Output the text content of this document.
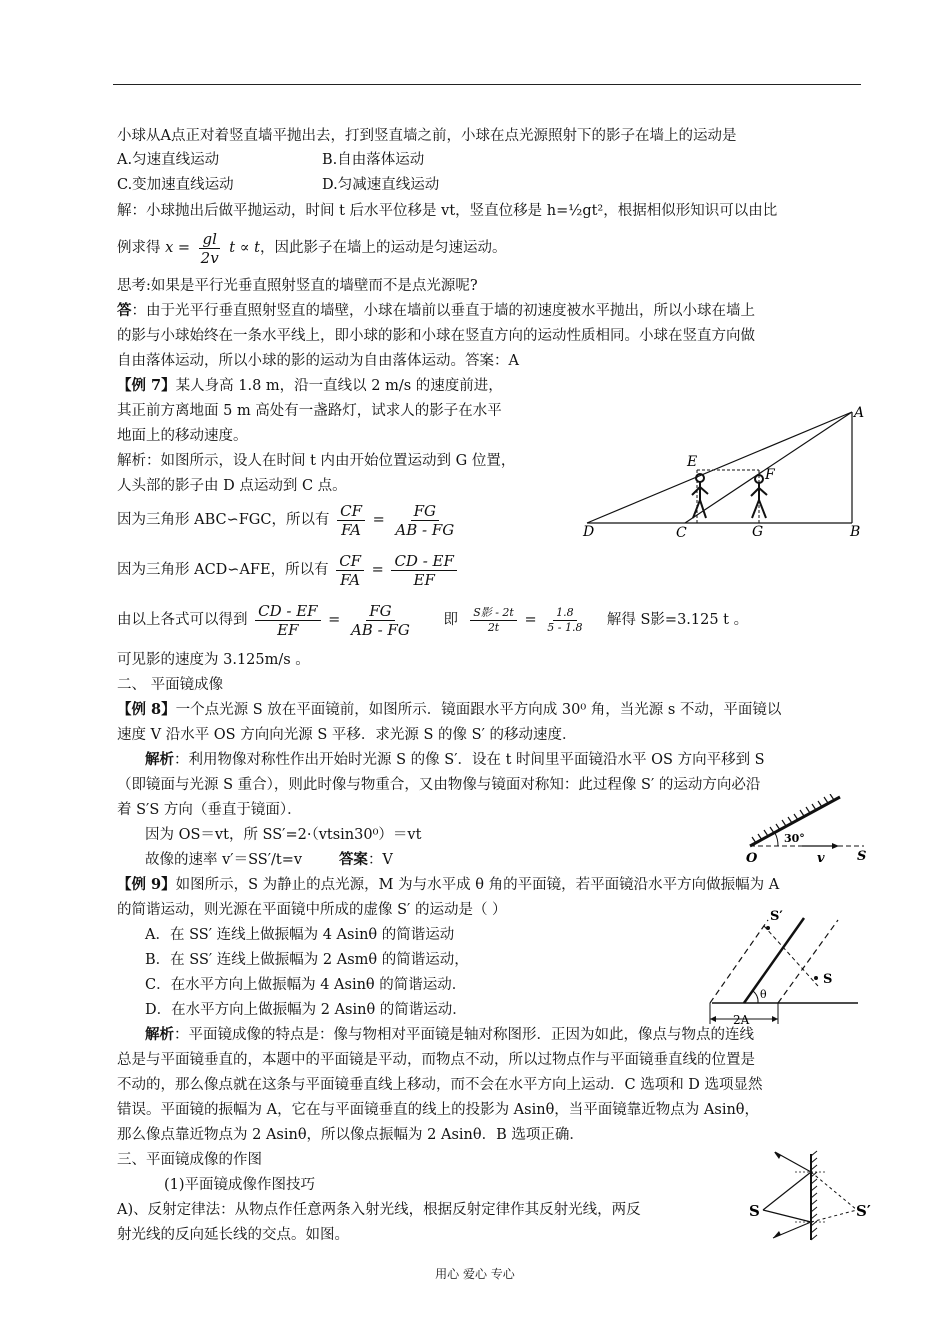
小球从A点正对着竖直墙平抛出去，打到竖直墙之前，小球在点光源照射下的影子在墙上的运动是
A.匀速直线运动	B.自由落体运动
C.变加速直线运动	D.匀减速直线运动
解：小球抛出后做平抛运动，时间 t 后水平位移是 vt，竖直位移是 h=½gt²，根据相似形知识可以由比
例求得 $x = \frac{gl}{2v}$ t ∝ t，因此影子在墙上的运动是匀速运动。
思考:如果是平行光垂直照射竖直的墙壁而不是点光源呢?
答：由于光平行垂直照射竖直的墙壁，小球在墙前以垂直于墙的初速度被水平抛出，所以小球在墙上
的影与小球始终在一条水平线上，即小球的影和小球在竖直方向的运动性质相同。小球在竖直方向做
自由落体运动，所以小球的影的运动为自由落体运动。答案：A
【例 7】某人身高 1.8 m，沿一直线以 2 m/s 的速度前进，
其正前方离地面 5 m 高处有一盏路灯，试求人的影子在水平
地面上的移动速度。
解析：如图所示，设人在时间 t 内由开始位置运动到 G 位置，
人头部的影子由 D 点运动到 C 点。
因为三角形 ABC∽FGC，所以有 $\frac{CF}{FA} = \frac{FG}{AB - FG}$
因为三角形 ACD∽AFE，所以有 $\frac{CF}{FA} = \frac{CD - EF}{EF}$
由以上各式可以得到 $\frac{CD - EF}{EF} = \frac{FG}{AB - FG}$ 即 $\frac{\text{S影 - 2t}}{2t} = \frac{1.8}{5 - 1.8}$ 解得 S影=3.125 t 。
可见影的速度为 3.125m/s 。
A
E
F
D	C	G	B
二、 平面镜成像
【例 8】一个点光源 S 放在平面镜前，如图所示．镜面跟水平方向成 30⁰ 角，当光源 s 不动，平面镜以
速度 V 沿水平 OS 方向向光源 S 平移．求光源 S 的像 S′ 的移动速度．
解析：利用物像对称性作出开始时光源 S 的像 S′．设在 t 时间里平面镜沿水平 OS 方向平移到 S
（即镜面与光源 S 重合），则此时像与物重合，又由物像与镜面对称知：此过程像 S′ 的运动方向必沿
着 S′S 方向（垂直于镜面）．
因为 OS＝vt，所 SS′=2·（vtsin30⁰）＝vt
故像的速率 v′＝SS′/t=v	答案：V
30°
O	v S
【例 9】如图所示，S 为静止的点光源，M 为与水平成 θ 角的平面镜，若平面镜沿水平方向做振幅为 A
的简谐运动，则光源在平面镜中所成的虚像 S′ 的运动是（ ）
A．在 SS′ 连线上做振幅为 4 Asinθ 的简谐运动
B．在 SS′ 连线上做振幅为 2 Asmθ 的简谐运动，
C．在水平方向上做振幅为 4 Asinθ 的简谐运动．
D．在水平方向上做振幅为 2 Asinθ 的简谐运动．
S′
S
θ
2A
解析：平面镜成像的特点是：像与物相对平面镜是轴对称图形．正因为如此，像点与物点的连线
总是与平面镜垂直的，本题中的平面镜是平动，而物点不动，所以过物点作与平面镜垂直线的位置是
不动的，那么像点就在这条与平面镜垂直线上移动，而不会在水平方向上运动．C 选项和 D 选项显然
错误。平面镜的振幅为 A，它在与平面镜垂直的线上的投影为 Asinθ，当平面镜靠近物点为 Asinθ，
那么像点靠近物点为 2 Asinθ，所以像点振幅为 2 Asinθ．B 选项正确．
三、平面镜成像的作图
(1)平面镜成像作图技巧
A)、反射定律法：从物点作任意两条入射光线，根据反射定律作其反射光线，两反
射光线的反向延长线的交点。如图。
S	S′
用心 爱心 专心
